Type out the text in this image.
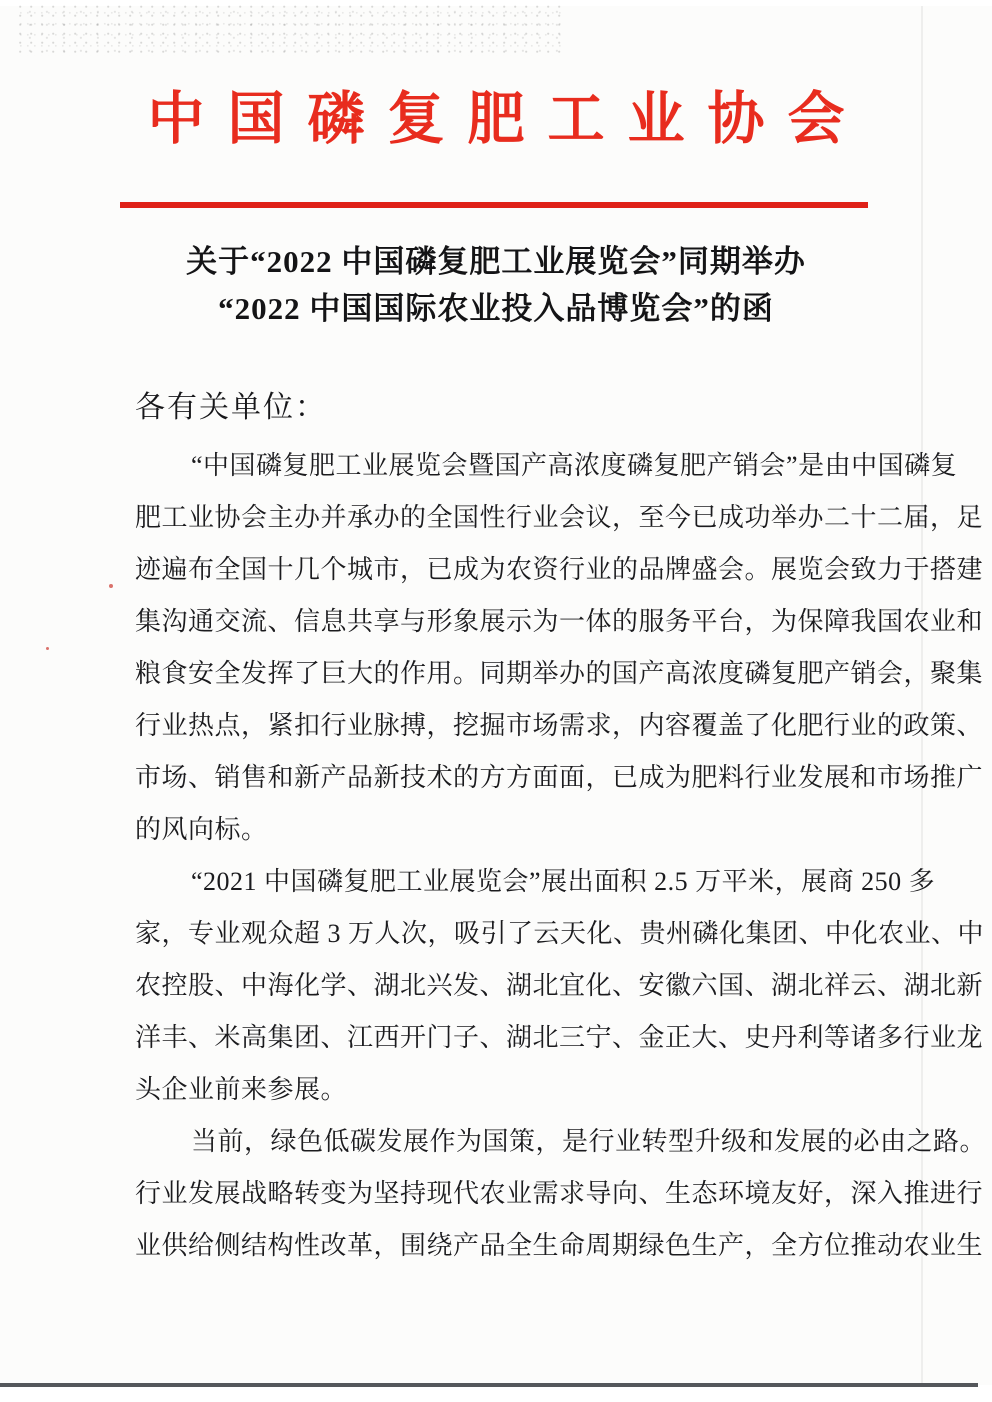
中国磷复肥工业协会
关于“2022 中国磷复肥工业展览会”同期举办
“2022 中国国际农业投入品博览会”的函
各有关单位：
“中国磷复肥工业展览会暨国产高浓度磷复肥产销会”是由中国磷复
肥工业协会主办并承办的全国性行业会议，至今已成功举办二十二届，足
迹遍布全国十几个城市，已成为农资行业的品牌盛会。展览会致力于搭建
集沟通交流、信息共享与形象展示为一体的服务平台，为保障我国农业和
粮食安全发挥了巨大的作用。同期举办的国产高浓度磷复肥产销会，聚集
行业热点，紧扣行业脉搏，挖掘市场需求，内容覆盖了化肥行业的政策、
市场、销售和新产品新技术的方方面面，已成为肥料行业发展和市场推广
的风向标。
“2021 中国磷复肥工业展览会”展出面积 2.5 万平米，展商 250 多
家，专业观众超 3 万人次，吸引了云天化、贵州磷化集团、中化农业、中
农控股、中海化学、湖北兴发、湖北宜化、安徽六国、湖北祥云、湖北新
洋丰、米高集团、江西开门子、湖北三宁、金正大、史丹利等诸多行业龙
头企业前来参展。
当前，绿色低碳发展作为国策，是行业转型升级和发展的必由之路。
行业发展战略转变为坚持现代农业需求导向、生态环境友好，深入推进行
业供给侧结构性改革，围绕产品全生命周期绿色生产，全方位推动农业生
